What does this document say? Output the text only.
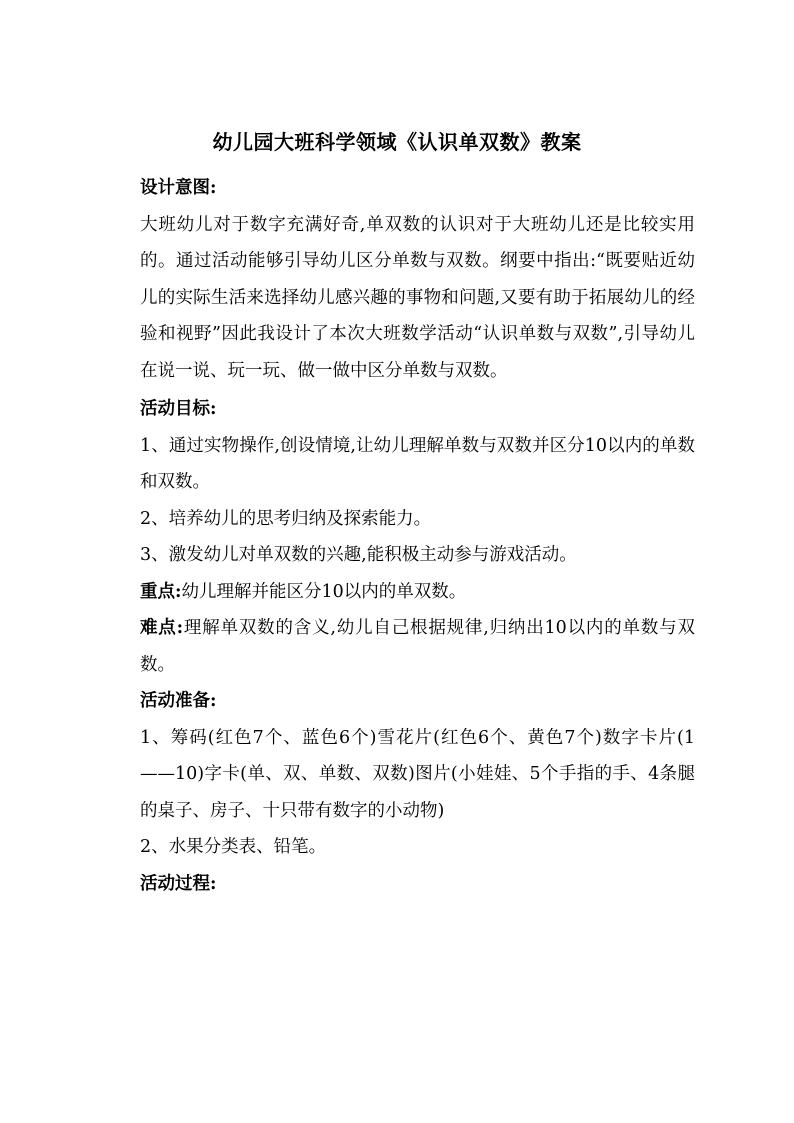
幼儿园大班科学领域《认识单双数》教案

设计意图:

大班幼儿对于数字充满好奇,单双数的认识对于大班幼儿还是比较实用的。通过活动能够引导幼儿区分单数与双数。纲要中指出:“既要贴近幼儿的实际生活来选择幼儿感兴趣的事物和问题,又要有助于拓展幼儿的经验和视野”因此我设计了本次大班数学活动“认识单数与双数”,引导幼儿在说一说、玩一玩、做一做中区分单数与双数。

活动目标:

1、通过实物操作,创设情境,让幼儿理解单数与双数并区分10以内的单数和双数。

2、培养幼儿的思考归纳及探索能力。

3、激发幼儿对单双数的兴趣,能积极主动参与游戏活动。

重点:幼儿理解并能区分10以内的单双数。

难点:理解单双数的含义,幼儿自己根据规律,归纳出10以内的单数与双数。

活动准备:

1、筹码(红色7个、蓝色6个)雪花片(红色6个、黄色7个)数字卡片(1——10)字卡(单、双、单数、双数)图片(小娃娃、5个手指的手、4条腿的桌子、房子、十只带有数字的小动物)

2、水果分类表、铅笔。

活动过程:
